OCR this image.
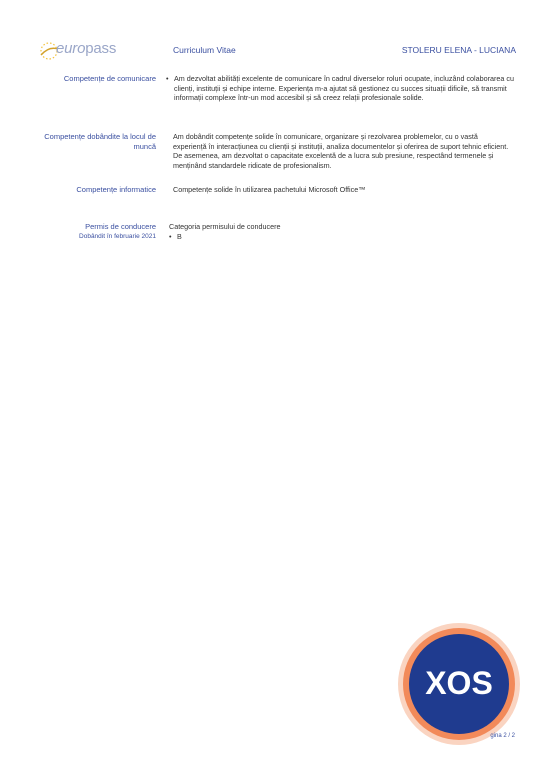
europass	Curriculum Vitae	STOLERU ELENA - LUCIANA
Competențe de comunicare
•	Am dezvoltat abilități excelente de comunicare în cadrul diverselor roluri ocupate, incluzând colaborarea cu clienți, instituții și echipe interne. Experiența m-a ajutat să gestionez cu succes situații dificile, să transmit informații complexe într-un mod accesibil și să creez relații profesionale solide.
Competențe dobândite la locul de muncă
Am dobândit competențe solide în comunicare, organizare și rezolvarea problemelor, cu o vastă experiență în interacțiunea cu clienții și instituții, analiza documentelor și oferirea de suport tehnic eficient. De asemenea, am dezvoltat o capacitate excelentă de a lucra sub presiune, respectând termenele și menținând standardele ridicate de profesionalism.
Competențe informatice Competențe solide în utilizarea pachetului Microsoft Office™
Permis de conducere
Dobândit în februarie 2021
Categoria permisului de conducere
• B
XOS
gina 2 / 2
